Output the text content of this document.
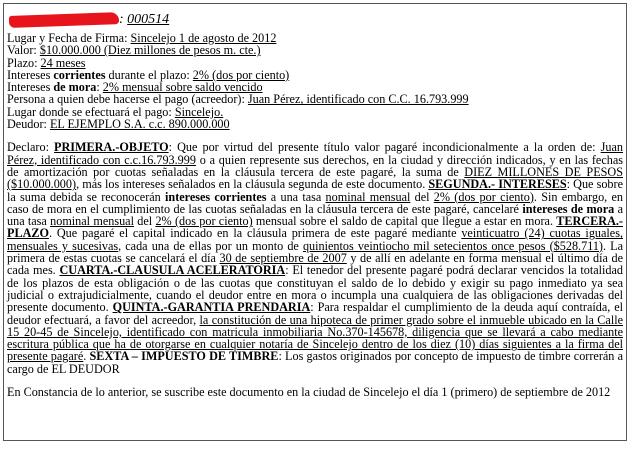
: 000514
Lugar y Fecha de Firma: Sincelejo 1 de agosto de 2012
Valor: $10.000.000 (Diez millones de pesos m. cte.)
Plazo: 24 meses
Intereses corrientes durante el plazo: 2% (dos por ciento)
Intereses de mora: 2% mensual sobre saldo vencido
Persona a quien debe hacerse el pago (acreedor): Juan Pérez, identificado con C.C. 16.793.999
Lugar donde se efectuará el pago: Sincelejo.
Deudor: EL EJEMPLO S.A. c.c. 890.000.000
Declaro: PRIMERA.-OBJETO: Que por virtud del presente título valor pagaré incondicionalmente a la orden de: Juan Pérez, identificado con c.c.16.793.999 o a quien represente sus derechos, en la ciudad y dirección indicados, y en las fechas de amortización por cuotas señaladas en la cláusula tercera de este pagaré, la suma de DIEZ MILLONES DE PESOS ($10.000.000), más los intereses señalados en la cláusula segunda de este documento. SEGUNDA.- INTERESES: Que sobre la suma debida se reconocerán intereses corrientes a una tasa nominal mensual del 2% (dos por ciento). Sin embargo, en caso de mora en el cumplimiento de las cuotas señaladas en la cláusula tercera de este pagaré, cancelaré intereses de mora a una tasa nominal mensual del 2% (dos por ciento) mensual sobre el saldo de capital que llegue a estar en mora. TERCERA.- PLAZO. Que pagaré el capital indicado en la cláusula primera de este pagaré mediante veinticuatro (24) cuotas iguales, mensuales y sucesivas, cada una de ellas por un monto de quinientos veintiocho mil setecientos once pesos ($528.711). La primera de estas cuotas se cancelará el día 30 de septiembre de 2007 y de allí en adelante en forma mensual el último día de cada mes. CUARTA.-CLAUSULA ACELERATORIA: El tenedor del presente pagaré podrá declarar vencidos la totalidad de los plazos de esta obligación o de las cuotas que constituyan el saldo de lo debido y exigir su pago inmediato ya sea judicial o extrajudicialmente, cuando el deudor entre en mora o incumpla una cualquiera de las obligaciones derivadas del presente documento. QUINTA.-GARANTIA PRENDARIA: Para respaldar el cumplimiento de la deuda aquí contraída, el deudor efectuará, a favor del acreedor, la constitución de una hipoteca de primer grado sobre el inmueble ubicado en la Calle 15 20-45 de Sincelejo, identificado con matricula inmobiliaria No.370-145678, diligencia que se llevará a cabo mediante escritura pública que ha de otorgarse en cualquier notaría de Sincelejo dentro de los diez (10) días siguientes a la firma del presente pagaré. SEXTA – IMPUESTO DE TIMBRE: Los gastos originados por concepto de impuesto de timbre correrán a cargo de EL DEUDOR
En Constancia de lo anterior, se suscribe este documento en la ciudad de Sincelejo el día 1 (primero) de septiembre de 2012
